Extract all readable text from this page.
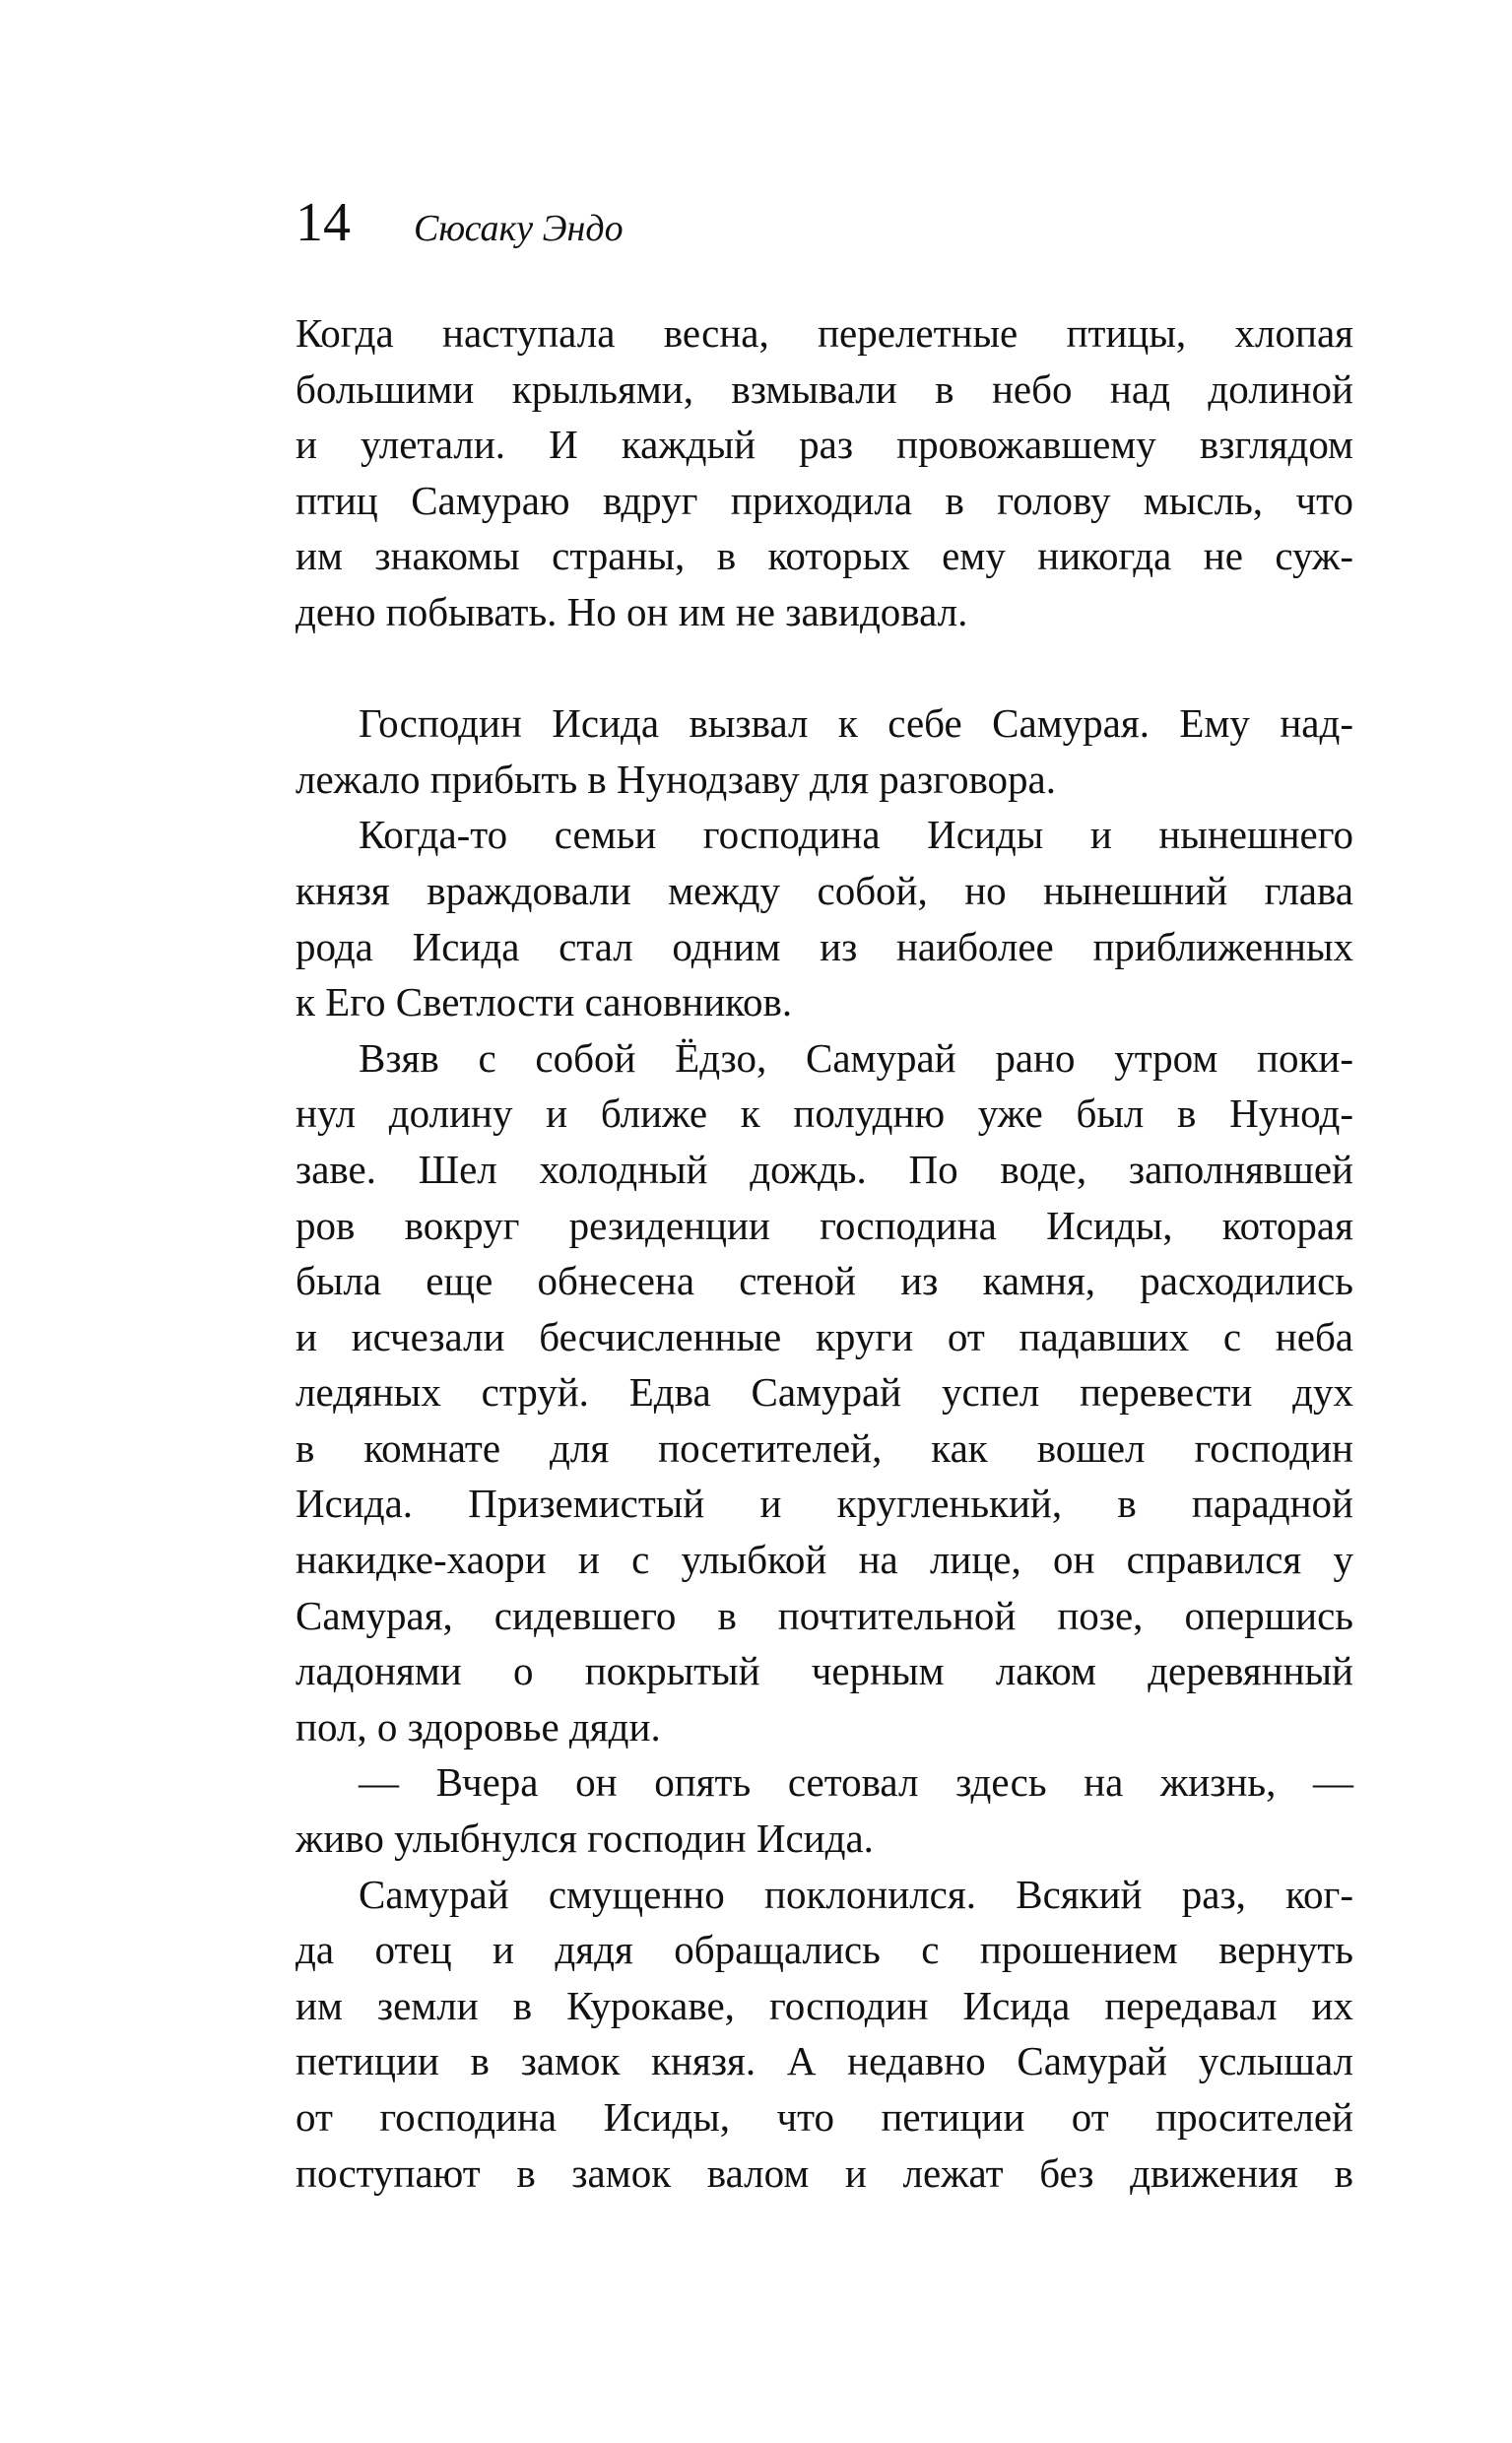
14 Сюсаку Эндо
Когда наступала весна, перелетные птицы, хлопая
большими крыльями, взмывали в небо над долиной
и улетали. И каждый раз провожавшему взглядом
птиц Самураю вдруг приходила в голову мысль, что
им знакомы страны, в которых ему никогда не суж-
дено побывать. Но он им не завидовал.
Господин Исида вызвал к себе Самурая. Ему над-
лежало прибыть в Нунодзаву для разговора.
Когда-то семьи господина Исиды и нынешнего
князя враждовали между собой, но нынешний глава
рода Исида стал одним из наиболее приближенных
к Его Светлости сановников.
Взяв с собой Ёдзо, Самурай рано утром поки-
нул долину и ближе к полудню уже был в Нунод-
заве. Шел холодный дождь. По воде, заполнявшей
ров вокруг резиденции господина Исиды, которая
была еще обнесена стеной из камня, расходились
и исчезали бесчисленные круги от падавших с неба
ледяных струй. Едва Самурай успел перевести дух
в комнате для посетителей, как вошел господин
Исида. Приземистый и кругленький, в парадной
накидке-хаори и с улыбкой на лице, он справился у
Самурая, сидевшего в почтительной позе, опершись
ладонями о покрытый черным лаком деревянный
пол, о здоровье дяди.
— Вчера он опять сетовал здесь на жизнь, —
живо улыбнулся господин Исида.
Самурай смущенно поклонился. Всякий раз, ког-
да отец и дядя обращались с прошением вернуть
им земли в Курокаве, господин Исида передавал их
петиции в замок князя. А недавно Самурай услышал
от господина Исиды, что петиции от просителей
поступают в замок валом и лежат без движения в
